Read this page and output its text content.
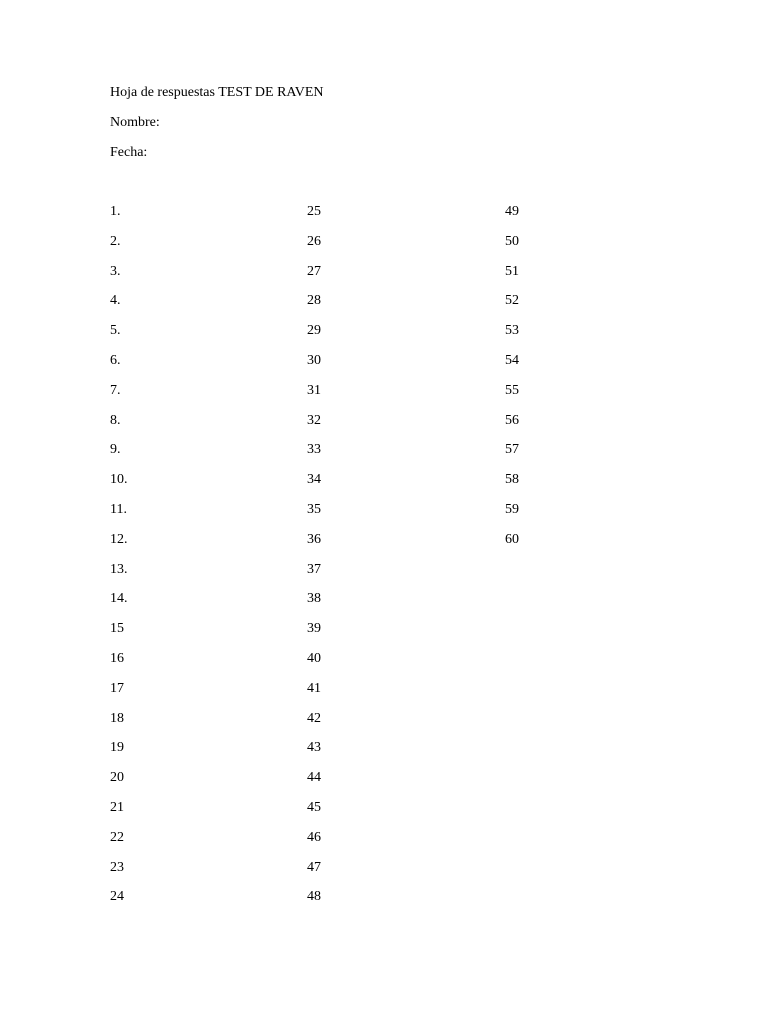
Hoja de respuestas TEST DE RAVEN
Nombre:
Fecha:
1.
2.
3.
4.
5.
6.
7.
8.
9.
10.
11.
12.
13.
14.
15
16
17
18
19
20
21
22
23
24
25
26
27
28
29
30
31
32
33
34
35
36
37
38
39
40
41
42
43
44
45
46
47
48
49
50
51
52
53
54
55
56
57
58
59
60
